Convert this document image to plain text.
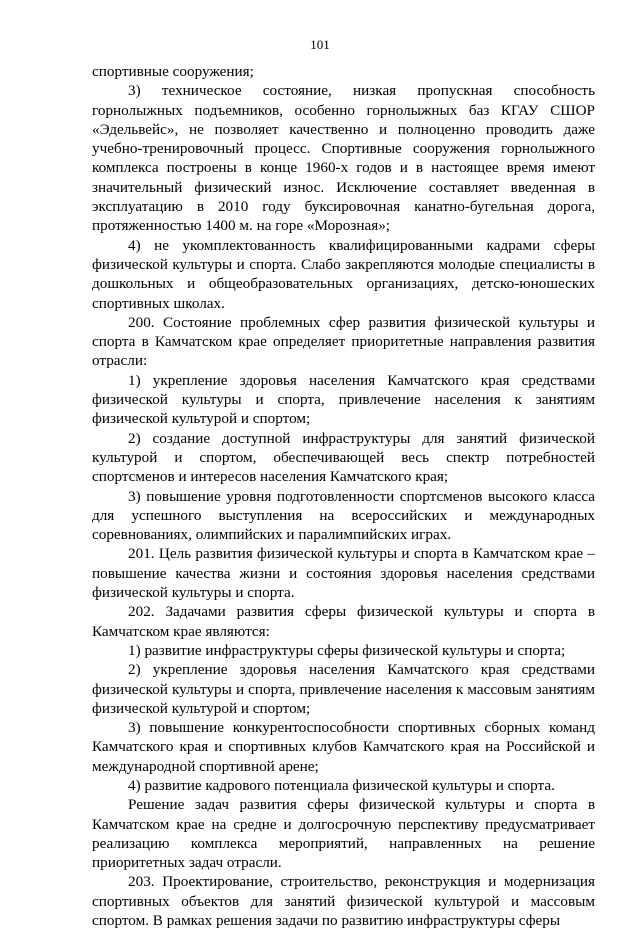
101

спортивные сооружения;

3) техническое состояние, низкая пропускная способность горнолыжных подъемников, особенно горнолыжных баз КГАУ СШОР «Эдельвейс», не позволяет качественно и полноценно проводить даже учебно-тренировочный процесс. Спортивные сооружения горнолыжного комплекса построены в конце 1960-х годов и в настоящее время имеют значительный физический износ. Исключение составляет введенная в эксплуатацию в 2010 году буксировочная канатно-бугельная дорога, протяженностью 1400 м. на горе «Морозная»;

4) не укомплектованность квалифицированными кадрами сферы физической культуры и спорта. Слабо закрепляются молодые специалисты в дошкольных и общеобразовательных организациях, детско-юношеских спортивных школах.

200. Состояние проблемных сфер развития физической культуры и спорта в Камчатском крае определяет приоритетные направления развития отрасли:

1) укрепление здоровья населения Камчатского края средствами физической культуры и спорта, привлечение населения к занятиям физической культурой и спортом;

2) создание доступной инфраструктуры для занятий физической культурой и спортом, обеспечивающей весь спектр потребностей спортсменов и интересов населения Камчатского края;

3) повышение уровня подготовленности спортсменов высокого класса для успешного выступления на всероссийских и международных соревнованиях, олимпийских и паралимпийских играх.

201. Цель развития физической культуры и спорта в Камчатском крае – повышение качества жизни и состояния здоровья населения средствами физической культуры и спорта.

202. Задачами развития сферы физической культуры и спорта в Камчатском крае являются:

1) развитие инфраструктуры сферы физической культуры и спорта;

2) укрепление здоровья населения Камчатского края средствами физической культуры и спорта, привлечение населения к массовым занятиям физической культурой и спортом;

3) повышение конкурентоспособности спортивных сборных команд Камчатского края и спортивных клубов Камчатского края на Российской и международной спортивной арене;

4) развитие кадрового потенциала физической культуры и спорта.

Решение задач развития сферы физической культуры и спорта в Камчатском крае на средне и долгосрочную перспективу предусматривает реализацию комплекса мероприятий, направленных на решение приоритетных задач отрасли.

203. Проектирование, строительство, реконструкция и модернизация спортивных объектов для занятий физической культурой и массовым спортом. В рамках решения задачи по развитию инфраструктуры сферы
